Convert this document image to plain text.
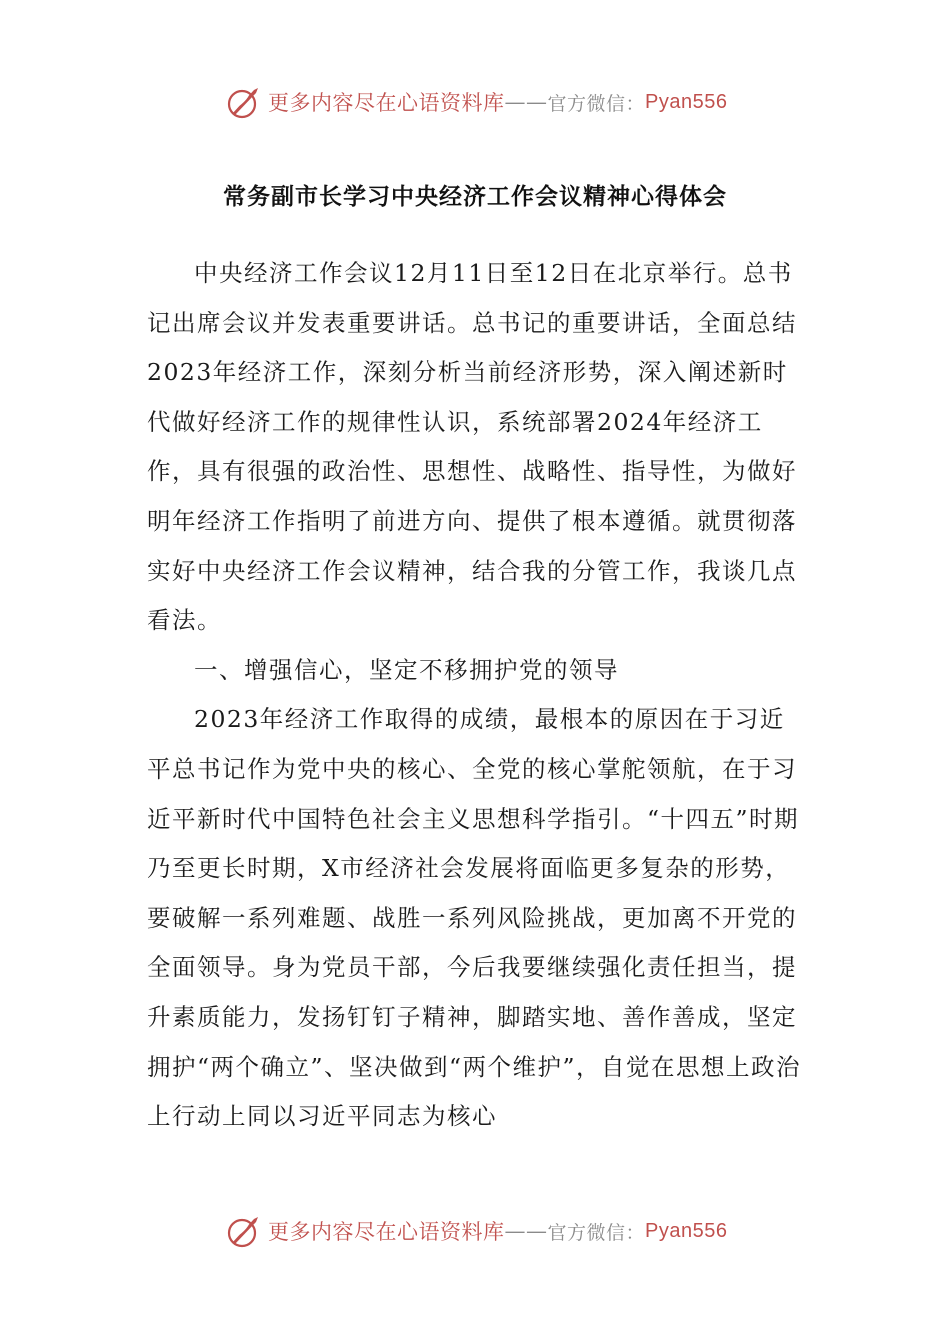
更多内容尽在心语资料库 —— 官方微信： Pyan556
常务副市长学习中央经济工作会议精神心得体会

中央经济工作会议12月11日至12日在北京举行。总书记出席会议并发表重要讲话。总书记的重要讲话，全面总结2023年经济工作，深刻分析当前经济形势，深入阐述新时代做好经济工作的规律性认识，系统部署2024年经济工作，具有很强的政治性、思想性、战略性、指导性，为做好明年经济工作指明了前进方向、提供了根本遵循。就贯彻落实好中央经济工作会议精神，结合我的分管工作，我谈几点看法。

一、增强信心，坚定不移拥护党的领导

2023年经济工作取得的成绩，最根本的原因在于习近平总书记作为党中央的核心、全党的核心掌舵领航，在于习近平新时代中国特色社会主义思想科学指引。“十四五”时期乃至更长时期，X市经济社会发展将面临更多复杂的形势，要破解一系列难题、战胜一系列风险挑战，更加离不开党的全面领导。身为党员干部，今后我要继续强化责任担当，提升素质能力，发扬钉钉子精神，脚踏实地、善作善成，坚定拥护“两个确立”、坚决做到“两个维护”，自觉在思想上政治上行动上同以习近平同志为核心

更多内容尽在心语资料库 —— 官方微信： Pyan556
